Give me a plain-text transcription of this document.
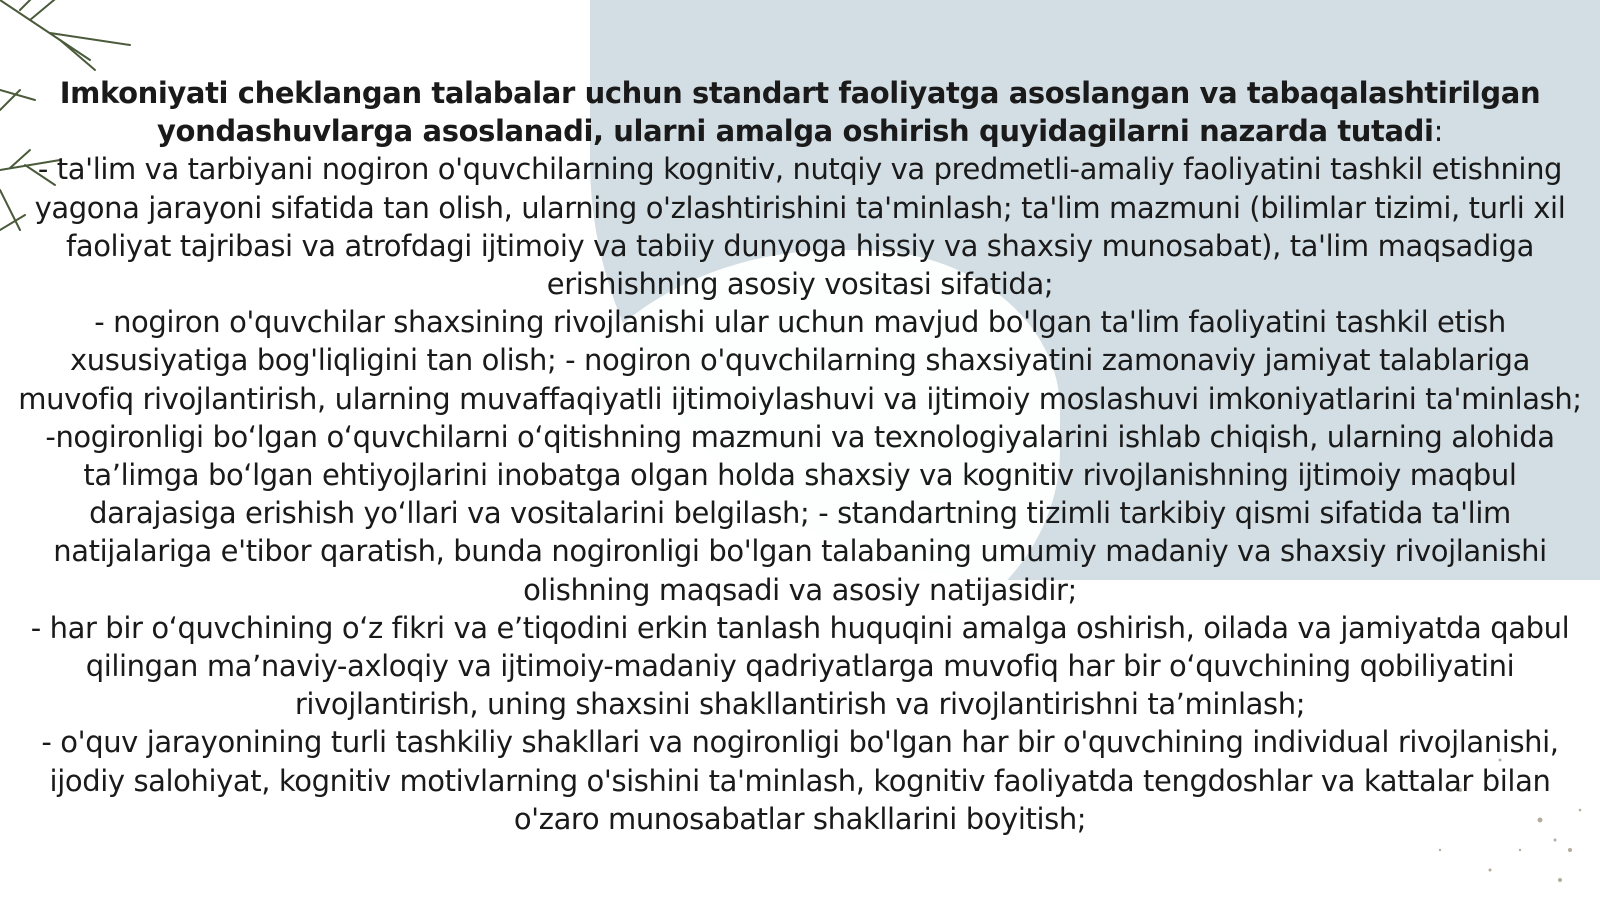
Imkoniyati cheklangan talabalar uchun standart faoliyatga asoslangan va tabaqalashtirilgan yondashuvlarga asoslanadi, ularni amalga oshirish quyidagilarni nazarda tutadi:

- ta'lim va tarbiyani nogiron o'quvchilarning kognitiv, nutqiy va predmetli-amaliy faoliyatini tashkil etishning yagona jarayoni sifatida tan olish, ularning o'zlashtirishini ta'minlash; ta'lim mazmuni (bilimlar tizimi, turli xil faoliyat tajribasi va atrofdagi ijtimoiy va tabiiy dunyoga hissiy va shaxsiy munosabat), ta'lim maqsadiga erishishning asosiy vositasi sifatida;

- nogiron o'quvchilar shaxsining rivojlanishi ular uchun mavjud bo'lgan ta'lim faoliyatini tashkil etish xususiyatiga bog'liqligini tan olish; - nogiron o'quvchilarning shaxsiyatini zamonaviy jamiyat talablariga muvofiq rivojlantirish, ularning muvaffaqiyatli ijtimoiylashuvi va ijtimoiy moslashuvi imkoniyatlarini ta'minlash;

-nogironligi bo‘lgan o‘quvchilarni o‘qitishning mazmuni va texnologiyalarini ishlab chiqish, ularning alohida ta’limga bo‘lgan ehtiyojlarini inobatga olgan holda shaxsiy va kognitiv rivojlanishning ijtimoiy maqbul darajasiga erishish yo‘llari va vositalarini belgilash; - standartning tizimli tarkibiy qismi sifatida ta'lim natijalariga e'tibor qaratish, bunda nogironligi bo'lgan talabaning umumiy madaniy va shaxsiy rivojlanishi olishning maqsadi va asosiy natijasidir;

- har bir o‘quvchining o‘z fikri va e’tiqodini erkin tanlash huquqini amalga oshirish, oilada va jamiyatda qabul qilingan ma’naviy-axloqiy va ijtimoiy-madaniy qadriyatlarga muvofiq har bir o‘quvchining qobiliyatini rivojlantirish, uning shaxsini shakllantirish va rivojlantirishni ta’minlash;

- o'quv jarayonining turli tashkiliy shakllari va nogironligi bo'lgan har bir o'quvchining individual rivojlanishi, ijodiy salohiyat, kognitiv motivlarning o'sishini ta'minlash, kognitiv faoliyatda tengdoshlar va kattalar bilan o'zaro munosabatlar shakllarini boyitish;
